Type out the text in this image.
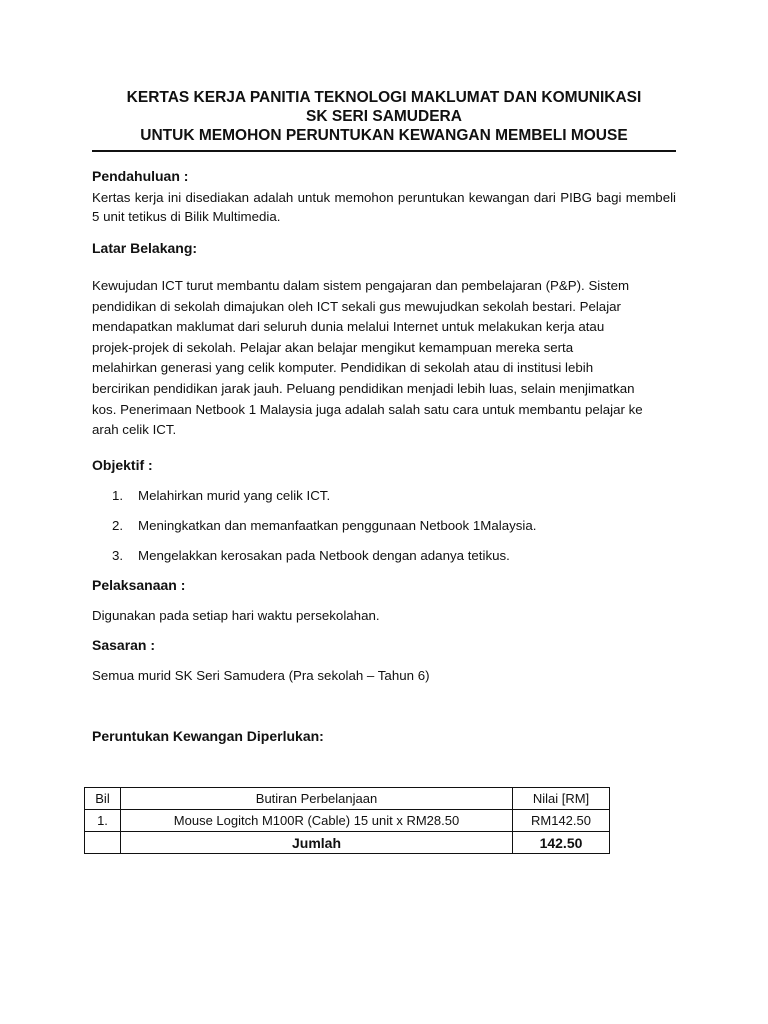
KERTAS KERJA PANITIA TEKNOLOGI MAKLUMAT DAN KOMUNIKASI
SK SERI SAMUDERA
UNTUK MEMOHON PERUNTUKAN KEWANGAN MEMBELI MOUSE
Pendahuluan :
Kertas kerja ini disediakan adalah untuk memohon peruntukan kewangan dari PIBG bagi membeli 5 unit tetikus di Bilik Multimedia.
Latar Belakang:
Kewujudan ICT turut membantu dalam sistem pengajaran dan pembelajaran (P&P). Sistem
pendidikan di sekolah dimajukan oleh ICT sekali gus mewujudkan sekolah bestari. Pelajar
mendapatkan maklumat dari seluruh dunia melalui Internet untuk melakukan kerja atau
projek-projek di sekolah. Pelajar akan belajar mengikut kemampuan mereka serta
melahirkan generasi yang celik komputer. Pendidikan di sekolah atau di institusi lebih
bercirikan pendidikan jarak jauh. Peluang pendidikan menjadi lebih luas, selain menjimatkan
kos. Penerimaan Netbook 1 Malaysia juga adalah salah satu cara untuk membantu pelajar ke
arah celik ICT.
Objektif :
1. Melahirkan murid yang celik ICT.
2. Meningkatkan dan memanfaatkan penggunaan Netbook 1Malaysia.
3. Mengelakkan kerosakan pada Netbook dengan adanya tetikus.
Pelaksanaan :
Digunakan pada setiap hari waktu persekolahan.
Sasaran :
Semua murid SK Seri Samudera (Pra sekolah – Tahun 6)
Peruntukan Kewangan Diperlukan:
Bil	Butiran Perbelanjaan	Nilai [RM]
1.	Mouse Logitch M100R (Cable) 15 unit x RM28.50	RM142.50
	Jumlah	142.50
